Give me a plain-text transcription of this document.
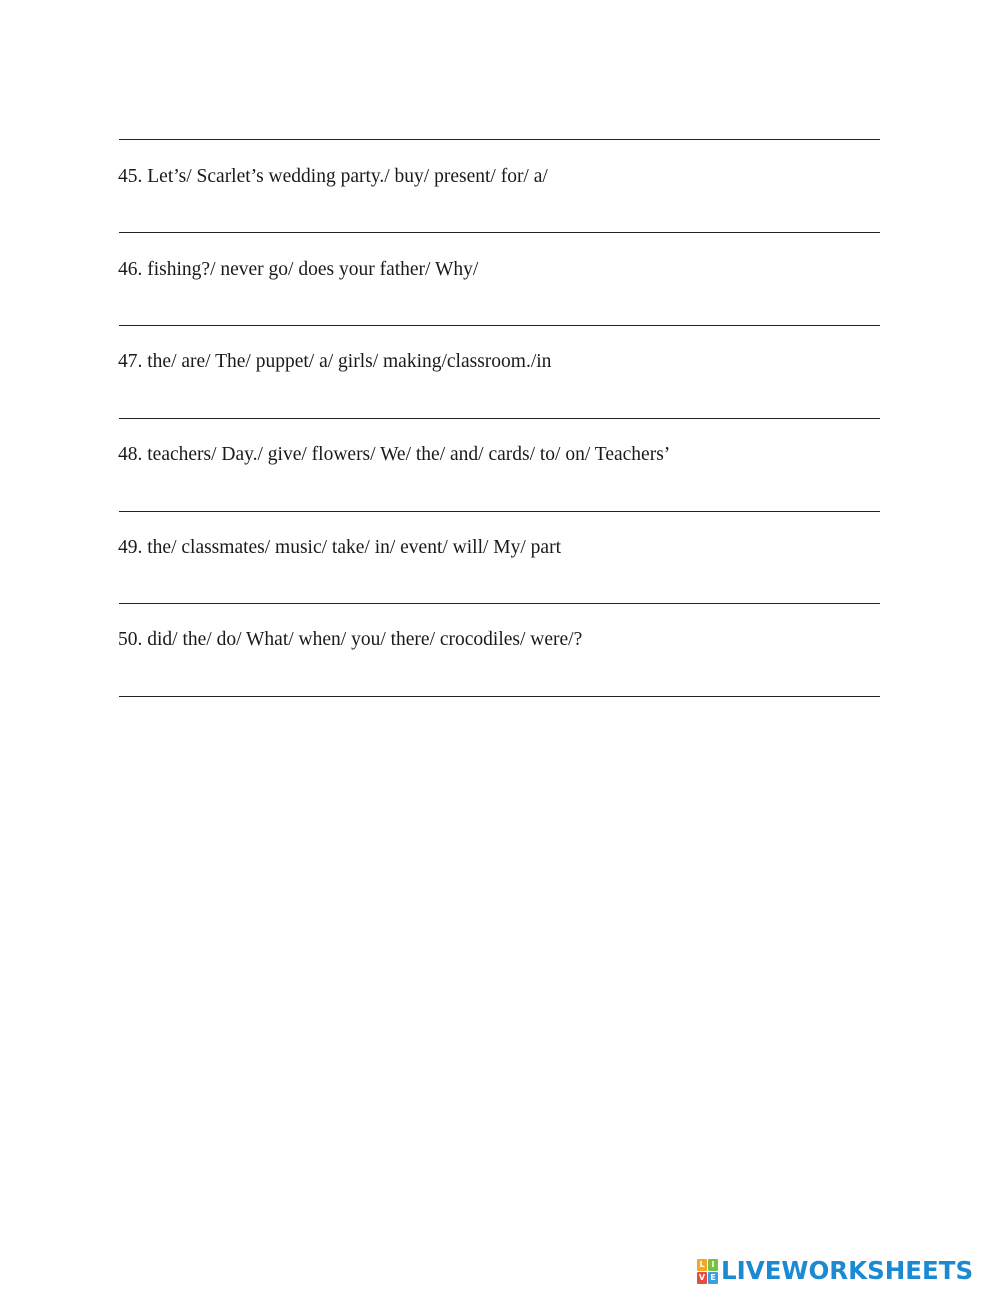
45. Let’s/ Scarlet’s wedding party./ buy/ present/ for/ a/
46. fishing?/ never go/ does your father/ Why/
47. the/ are/ The/ puppet/ a/ girls/ making/classroom./in
48. teachers/ Day./ give/ flowers/ We/ the/ and/ cards/ to/ on/ Teachers’
49. the/ classmates/ music/ take/ in/ event/ will/ My/ part
50. did/ the/ do/ What/ when/ you/ there/ crocodiles/ were/?
L I
V E LIVEWORKSHEETS
